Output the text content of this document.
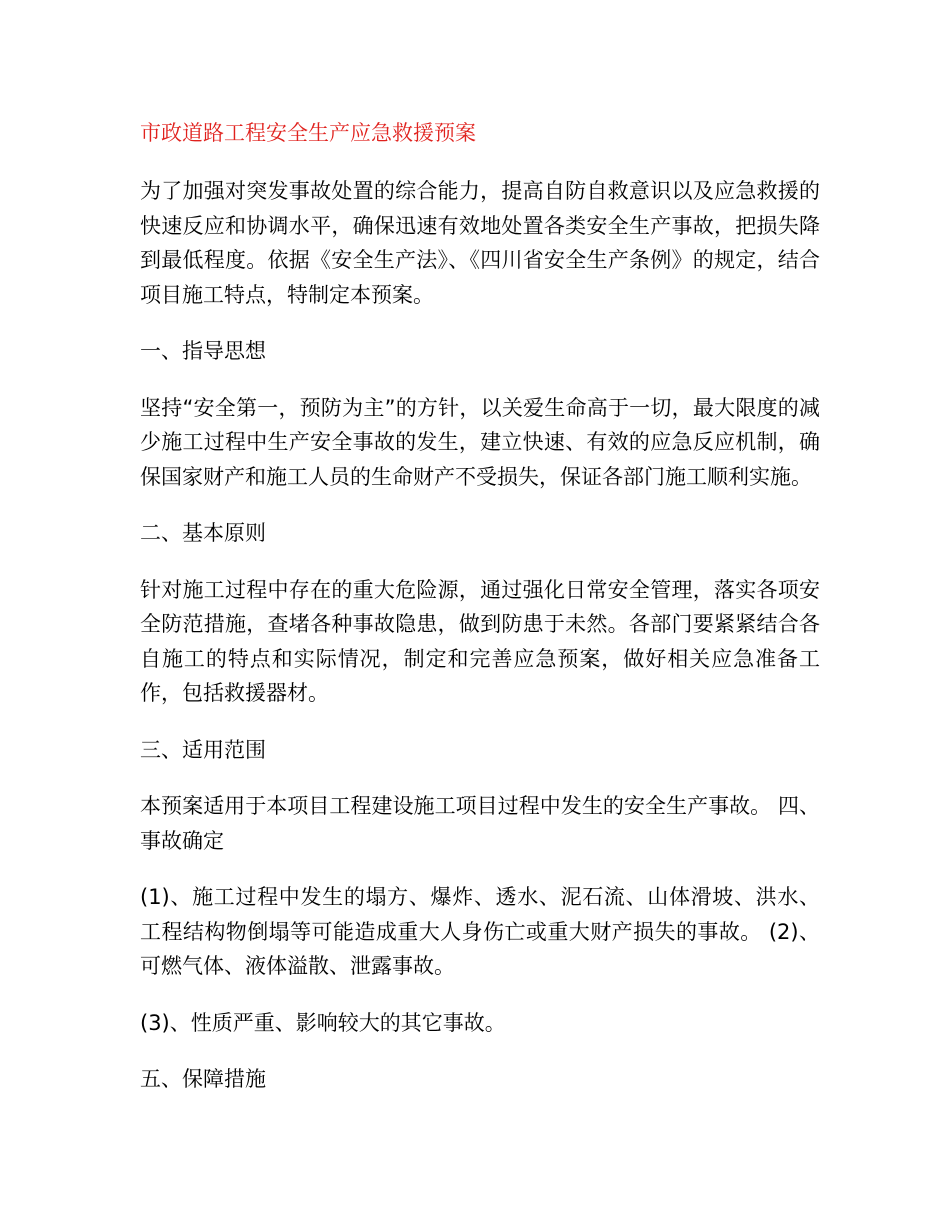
市政道路工程安全生产应急救援预案

为了加强对突发事故处置的综合能力，提高自防自救意识以及应急救援的快速反应和协调水平，确保迅速有效地处置各类安全生产事故，把损失降到最低程度。依据《安全生产法》、《四川省安全生产条例》的规定，结合项目施工特点，特制定本预案。

一、指导思想

坚持“安全第一，预防为主”的方针，以关爱生命高于一切，最大限度的减少施工过程中生产安全事故的发生，建立快速、有效的应急反应机制，确保国家财产和施工人员的生命财产不受损失，保证各部门施工顺利实施。

二、基本原则

针对施工过程中存在的重大危险源，通过强化日常安全管理，落实各项安全防范措施，查堵各种事故隐患，做到防患于未然。各部门要紧紧结合各自施工的特点和实际情况，制定和完善应急预案，做好相关应急准备工作，包括救援器材。

三、适用范围

本预案适用于本项目工程建设施工项目过程中发生的安全生产事故。 四、事故确定

(1)、施工过程中发生的塌方、爆炸、透水、泥石流、山体滑坡、洪水、工程结构物倒塌等可能造成重大人身伤亡或重大财产损失的事故。 (2)、可燃气体、液体溢散、泄露事故。

(3)、性质严重、影响较大的其它事故。

五、保障措施
